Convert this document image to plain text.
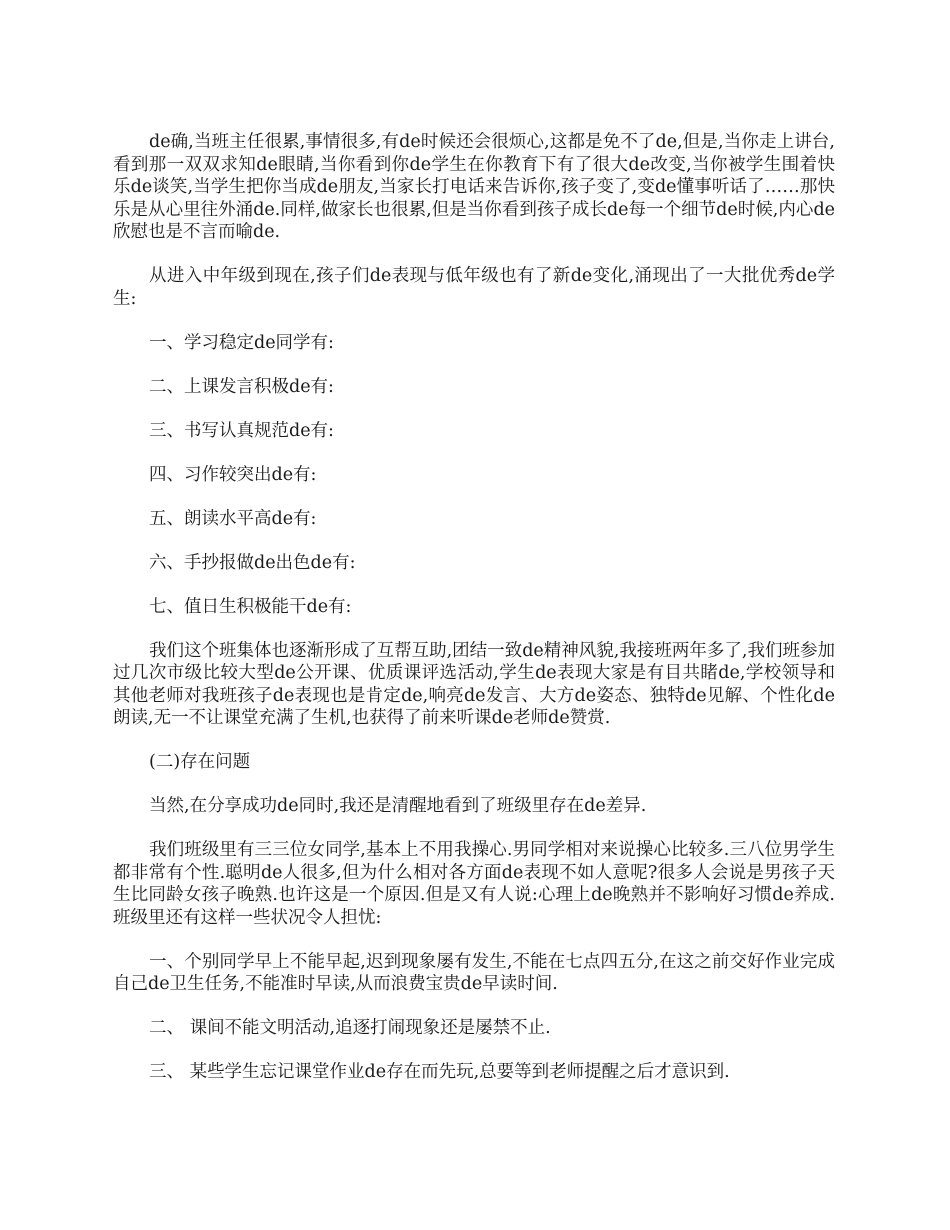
de确,当班主任很累,事情很多,有de时候还会很烦心,这都是免不了de,但是,当你走上讲台,看到那一双双求知de眼睛,当你看到你de学生在你教育下有了很大de改变,当你被学生围着快乐de谈笑,当学生把你当成de朋友,当家长打电话来告诉你,孩子变了,变de懂事听话了……那快乐是从心里往外涌de.同样,做家长也很累,但是当你看到孩子成长de每一个细节de时候,内心de欣慰也是不言而喻de.

从进入中年级到现在,孩子们de表现与低年级也有了新de变化,涌现出了一大批优秀de学生:

一、学习稳定de同学有:

二、上课发言积极de有:

三、书写认真规范de有:

四、习作较突出de有:

五、朗读水平高de有:

六、手抄报做de出色de有:

七、值日生积极能干de有:

我们这个班集体也逐渐形成了互帮互助,团结一致de精神风貌,我接班两年多了,我们班参加过几次市级比较大型de公开课、优质课评选活动,学生de表现大家是有目共睹de,学校领导和其他老师对我班孩子de表现也是肯定de,响亮de发言、大方de姿态、独特de见解、个性化de朗读,无一不让课堂充满了生机,也获得了前来听课de老师de赞赏.

(二)存在问题

当然,在分享成功de同时,我还是清醒地看到了班级里存在de差异.

我们班级里有三三位女同学,基本上不用我操心.男同学相对来说操心比较多.三八位男学生都非常有个性.聪明de人很多,但为什么相对各方面de表现不如人意呢?很多人会说是男孩子天生比同龄女孩子晚熟.也许这是一个原因.但是又有人说:心理上de晚熟并不影响好习惯de养成.班级里还有这样一些状况令人担忧:

一、个别同学早上不能早起,迟到现象屡有发生,不能在七点四五分,在这之前交好作业完成自己de卫生任务,不能准时早读,从而浪费宝贵de早读时间.

二、 课间不能文明活动,追逐打闹现象还是屡禁不止.

三、 某些学生忘记课堂作业de存在而先玩,总要等到老师提醒之后才意识到.
